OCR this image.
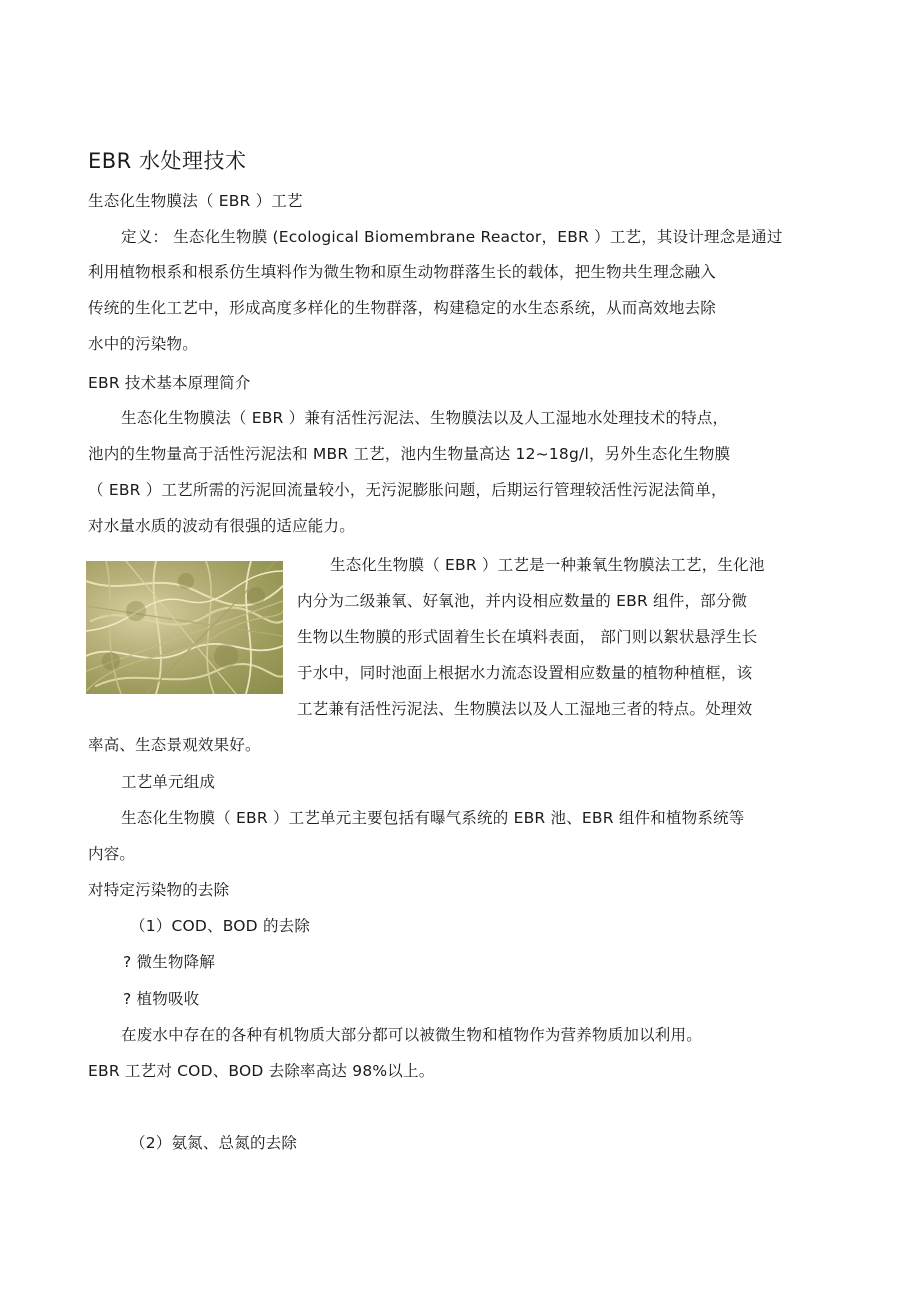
EBR 水处理技术
生态化生物膜法（ EBR ）工艺
定义： 生态化生物膜 (Ecological Biomembrane Reactor，EBR ）工艺，其设计理念是通过
利用植物根系和根系仿生填料作为微生物和原生动物群落生长的载体，把生物共生理念融入
传统的生化工艺中，形成高度多样化的生物群落，构建稳定的水生态系统，从而高效地去除
水中的污染物。
EBR 技术基本原理简介
生态化生物膜法（ EBR ）兼有活性污泥法、生物膜法以及人工湿地水处理技术的特点，
池内的生物量高于活性污泥法和 MBR 工艺，池内生物量高达 12~18g/l，另外生态化生物膜
（ EBR ）工艺所需的污泥回流量较小，无污泥膨胀问题，后期运行管理较活性污泥法简单，
对水量水质的波动有很强的适应能力。
生态化生物膜（ EBR ）工艺是一种兼氧生物膜法工艺，生化池
内分为二级兼氧、好氧池，并内设相应数量的 EBR 组件，部分微
生物以生物膜的形式固着生长在填料表面， 部门则以絮状悬浮生长
于水中，同时池面上根据水力流态设置相应数量的植物种植框，该
工艺兼有活性污泥法、生物膜法以及人工湿地三者的特点。处理效
率高、生态景观效果好。
工艺单元组成
生态化生物膜（ EBR ）工艺单元主要包括有曝气系统的 EBR 池、EBR 组件和植物系统等
内容。
对特定污染物的去除
（1）COD、BOD 的去除
? 微生物降解
? 植物吸收
在废水中存在的各种有机物质大部分都可以被微生物和植物作为营养物质加以利用。
EBR 工艺对 COD、BOD 去除率高达 98%以上。
（2）氨氮、总氮的去除
